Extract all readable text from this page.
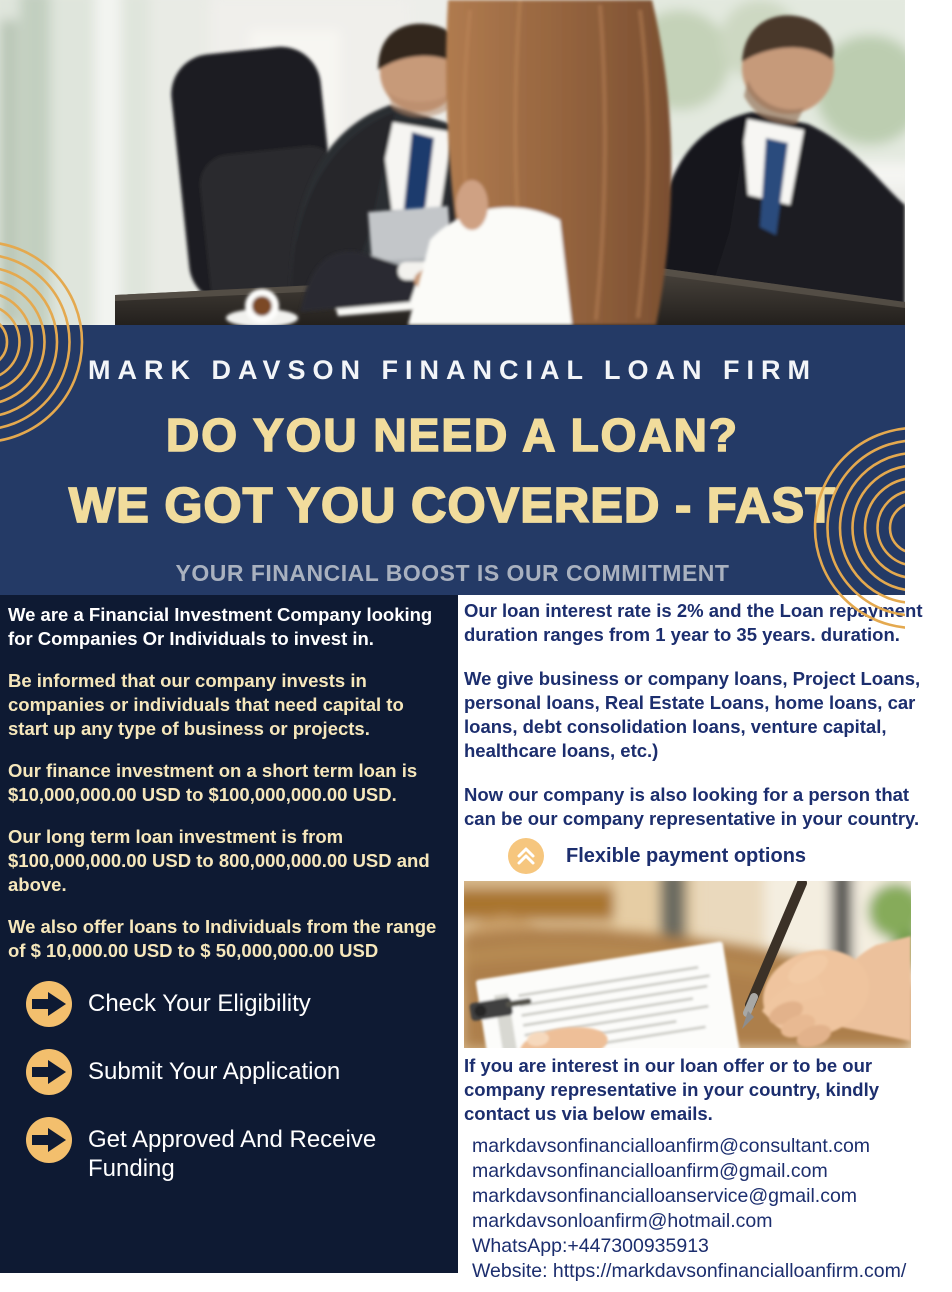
MARK DAVSON FINANCIAL LOAN FIRM
DO YOU NEED A LOAN?
WE GOT YOU COVERED - FAST
YOUR FINANCIAL BOOST IS OUR COMMITMENT

We are a Financial Investment Company looking for Companies Or Individuals to invest in.

Be informed that our company invests in companies or individuals that need capital to start up any type of business or projects.

Our finance investment on a short term loan is $10,000,000.00 USD to $100,000,000.00 USD.

Our long term loan investment is from $100,000,000.00 USD to 800,000,000.00 USD and above.

We also offer loans to Individuals from the range of $ 10,000.00 USD to $ 50,000,000.00 USD

Check Your Eligibility
Submit Your Application
Get Approved And Receive Funding

Our loan interest rate is 2% and the Loan repayment duration ranges from 1 year to 35 years. duration.

We give business or company loans, Project Loans, personal loans, Real Estate Loans, home loans, car loans, debt consolidation loans, venture capital, healthcare loans, etc.)

Now our company is also looking for a person that can be our company representative in your country.

Flexible payment options

If you are interest in our loan offer or to be our company representative in your country, kindly contact us via below emails.

markdavsonfinancialloanfirm@consultant.com
markdavsonfinancialloanfirm@gmail.com
markdavsonfinancialloanservice@gmail.com
markdavsonloanfirm@hotmail.com
WhatsApp:+447300935913
Website: https://markdavsonfinancialloanfirm.com/
